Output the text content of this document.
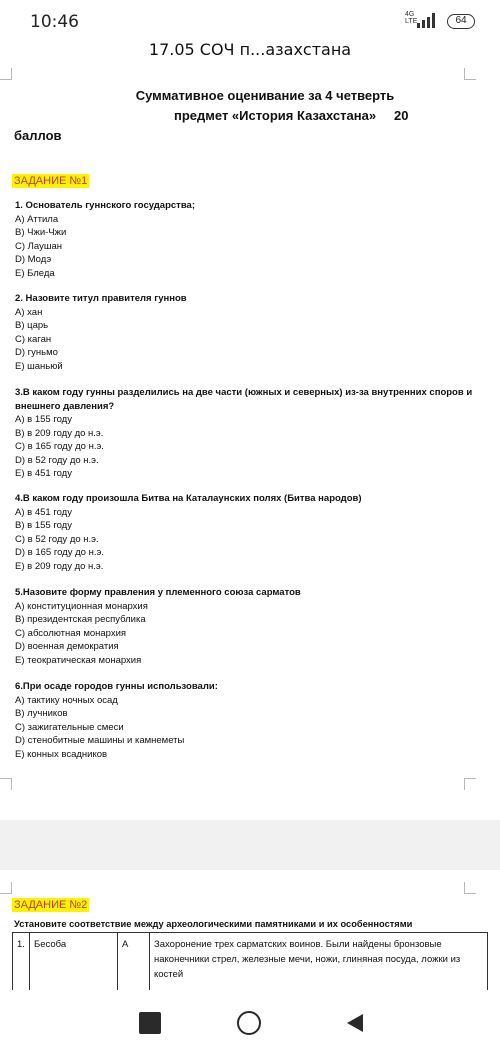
10:46	4G
LTE	64
17.05 СОЧ п...азахстана
Суммативное оценивание за 4 четверть
предмет «История Казахстана» 20
баллов
ЗАДАНИЕ №1
1. Основатель гуннского государства;
А) Аттила
В) Чжи-Чжи
С) Лаушан
D) Модэ
Е) Бледа
2. Назовите титул правителя гуннов
А) хан
В) царь
С) каган
D) гуньмо
Е) шаньюй
3.В каком году гунны разделились на две части (южных и северных) из-за внутренних споров и внешнего давления?
А) в 155 году
В) в 209 году до н.э.
С) в 165 году до н.э.
D) в 52 году до н.э.
Е) в 451 году
4.В каком году произошла Битва на Каталаунских полях (Битва народов)
А) в 451 году
В) в 155 году
С) в 52 году до н.э.
D) в 165 году до н.э.
Е) в 209 году до н.э.
5.Назовите форму правления у племенного союза сарматов
А) конституционная монархия
В) президентская республика
С) абсолютная монархия
D) военная демократия
Е) теократическая монархия
6.При осаде городов гунны использовали:
А) тактику ночных осад
В) лучников
С) зажигательные смеси
D) стенобитные машины и камнеметы
Е) конных всадников
ЗАДАНИЕ №2
Установите соответствие между археологическими памятниками и их особенностями
1. Бесоба	А	Захоронение трех сарматских воинов. Были найдены бронзовые наконечники стрел, железные мечи, ножи, глиняная посуда, ложки из костей
